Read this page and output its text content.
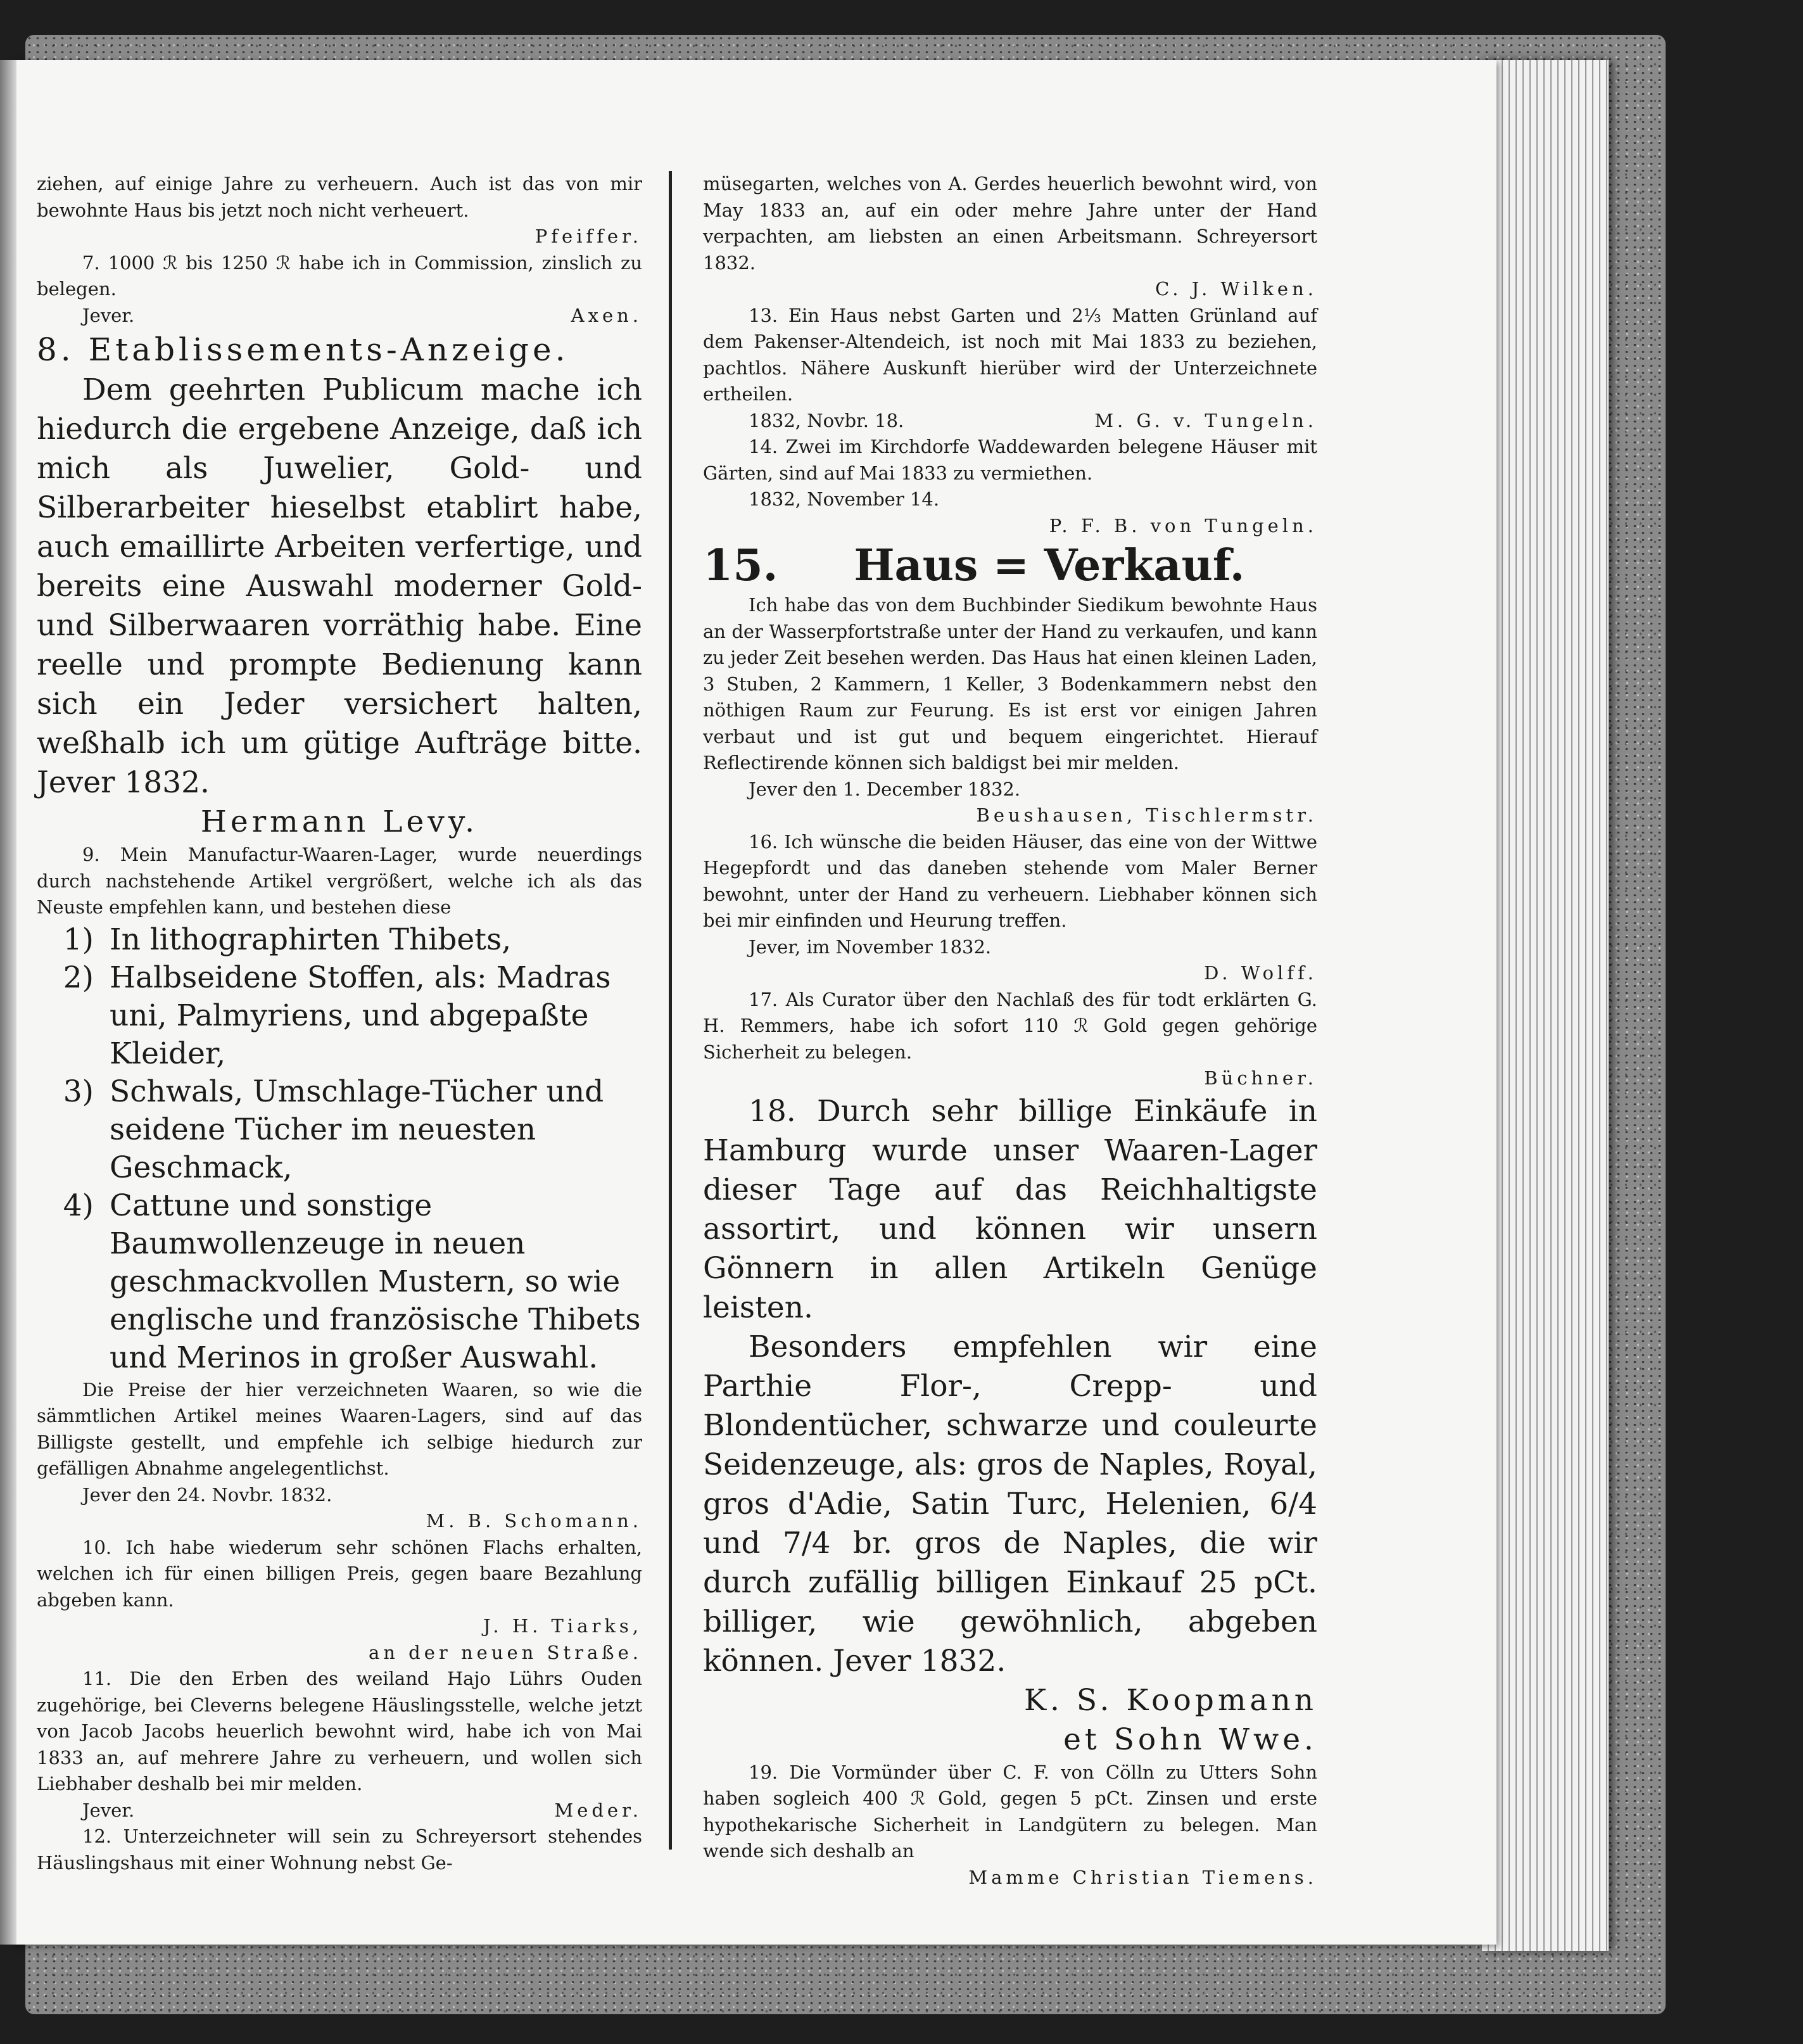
ziehen, auf einige Jahre zu verheuern. Auch ist das von mir bewohnte Haus bis jetzt noch nicht verheuert.

Pfeiffer.

7. 1000 ℛ bis 1250 ℛ habe ich in Commission, zinslich zu belegen.

Jever.	Axen.

8. Etablissements-Anzeige.

Dem geehrten Publicum mache ich hiedurch die ergebene Anzeige, daß ich mich als Juwelier, Gold- und Silberarbeiter hieselbst etablirt habe, auch emaillirte Arbeiten verfertige, und bereits eine Auswahl moderner Gold- und Silberwaaren vorräthig habe. Eine reelle und prompte Bedienung kann sich ein Jeder versichert halten, weßhalb ich um gütige Aufträge bitte. Jever 1832.

Hermann Levy.

9. Mein Manufactur-Waaren-Lager, wurde neuerdings durch nachstehende Artikel vergrößert, welche ich als das Neuste empfehlen kann, und bestehen diese

1) In lithographirten Thibets,

2) Halbseidene Stoffen, als: Madras uni, Palmyriens, und abgepaßte Kleider,

3) Schwals, Umschlage-Tücher und seidene Tücher im neuesten Geschmack,

4) Cattune und sonstige Baumwollenzeuge in neuen geschmackvollen Mustern, so wie englische und französische Thibets und Merinos in großer Auswahl.

Die Preise der hier verzeichneten Waaren, so wie die sämmtlichen Artikel meines Waaren-Lagers, sind auf das Billigste gestellt, und empfehle ich selbige hiedurch zur gefälligen Abnahme angelegentlichst.

Jever den 24. Novbr. 1832.

M. B. Schomann.

10. Ich habe wiederum sehr schönen Flachs erhalten, welchen ich für einen billigen Preis, gegen baare Bezahlung abgeben kann.

J. H. Tiarks,

an der neuen Straße.

11. Die den Erben des weiland Hajo Lührs Ouden zugehörige, bei Cleverns belegene Häuslingsstelle, welche jetzt von Jacob Jacobs heuerlich bewohnt wird, habe ich von Mai 1833 an, auf mehrere Jahre zu verheuern, und wollen sich Liebhaber deshalb bei mir melden.

Jever.	Meder.

12. Unterzeichneter will sein zu Schreyersort stehendes Häuslingshaus mit einer Wohnung nebst Ge-

müsegarten, welches von A. Gerdes heuerlich bewohnt wird, von May 1833 an, auf ein oder mehre Jahre unter der Hand verpachten, am liebsten an einen Arbeitsmann. Schreyersort 1832.

C. J. Wilken.

13. Ein Haus nebst Garten und 2⅓ Matten Grünland auf dem Pakenser-Altendeich, ist noch mit Mai 1833 zu beziehen, pachtlos. Nähere Auskunft hierüber wird der Unterzeichnete ertheilen.

1832, Novbr. 18.	M. G. v. Tungeln.

14. Zwei im Kirchdorfe Waddewarden belegene Häuser mit Gärten, sind auf Mai 1833 zu vermiethen.

1832, November 14.

P. F. B. von Tungeln.

15. Haus = Verkauf.

Ich habe das von dem Buchbinder Siedikum bewohnte Haus an der Wasserpfortstraße unter der Hand zu verkaufen, und kann zu jeder Zeit besehen werden. Das Haus hat einen kleinen Laden, 3 Stuben, 2 Kammern, 1 Keller, 3 Bodenkammern nebst den nöthigen Raum zur Feurung. Es ist erst vor einigen Jahren verbaut und ist gut und bequem eingerichtet. Hierauf Reflectirende können sich baldigst bei mir melden.

Jever den 1. December 1832.

Beushausen, Tischlermstr.

16. Ich wünsche die beiden Häuser, das eine von der Wittwe Hegepfordt und das daneben stehende vom Maler Berner bewohnt, unter der Hand zu verheuern. Liebhaber können sich bei mir einfinden und Heurung treffen.

Jever, im November 1832.

D. Wolff.

17. Als Curator über den Nachlaß des für todt erklärten G. H. Remmers, habe ich sofort 110 ℛ Gold gegen gehörige Sicherheit zu belegen.

Büchner.

18. Durch sehr billige Einkäufe in Hamburg wurde unser Waaren-Lager dieser Tage auf das Reichhaltigste assortirt, und können wir unsern Gönnern in allen Artikeln Genüge leisten.

Besonders empfehlen wir eine Parthie Flor-, Crepp- und Blondentücher, schwarze und couleurte Seidenzeuge, als: gros de Naples, Royal, gros d'Adie, Satin Turc, Helenien, 6/4 und 7/4 br. gros de Naples, die wir durch zufällig billigen Einkauf 25 pCt. billiger, wie gewöhnlich, abgeben können. Jever 1832.

K. S. Koopmann

et Sohn Wwe.

19. Die Vormünder über C. F. von Cölln zu Utters Sohn haben sogleich 400 ℛ Gold, gegen 5 pCt. Zinsen und erste hypothekarische Sicherheit in Landgütern zu belegen. Man wende sich deshalb an

Mamme Christian Tiemens.
